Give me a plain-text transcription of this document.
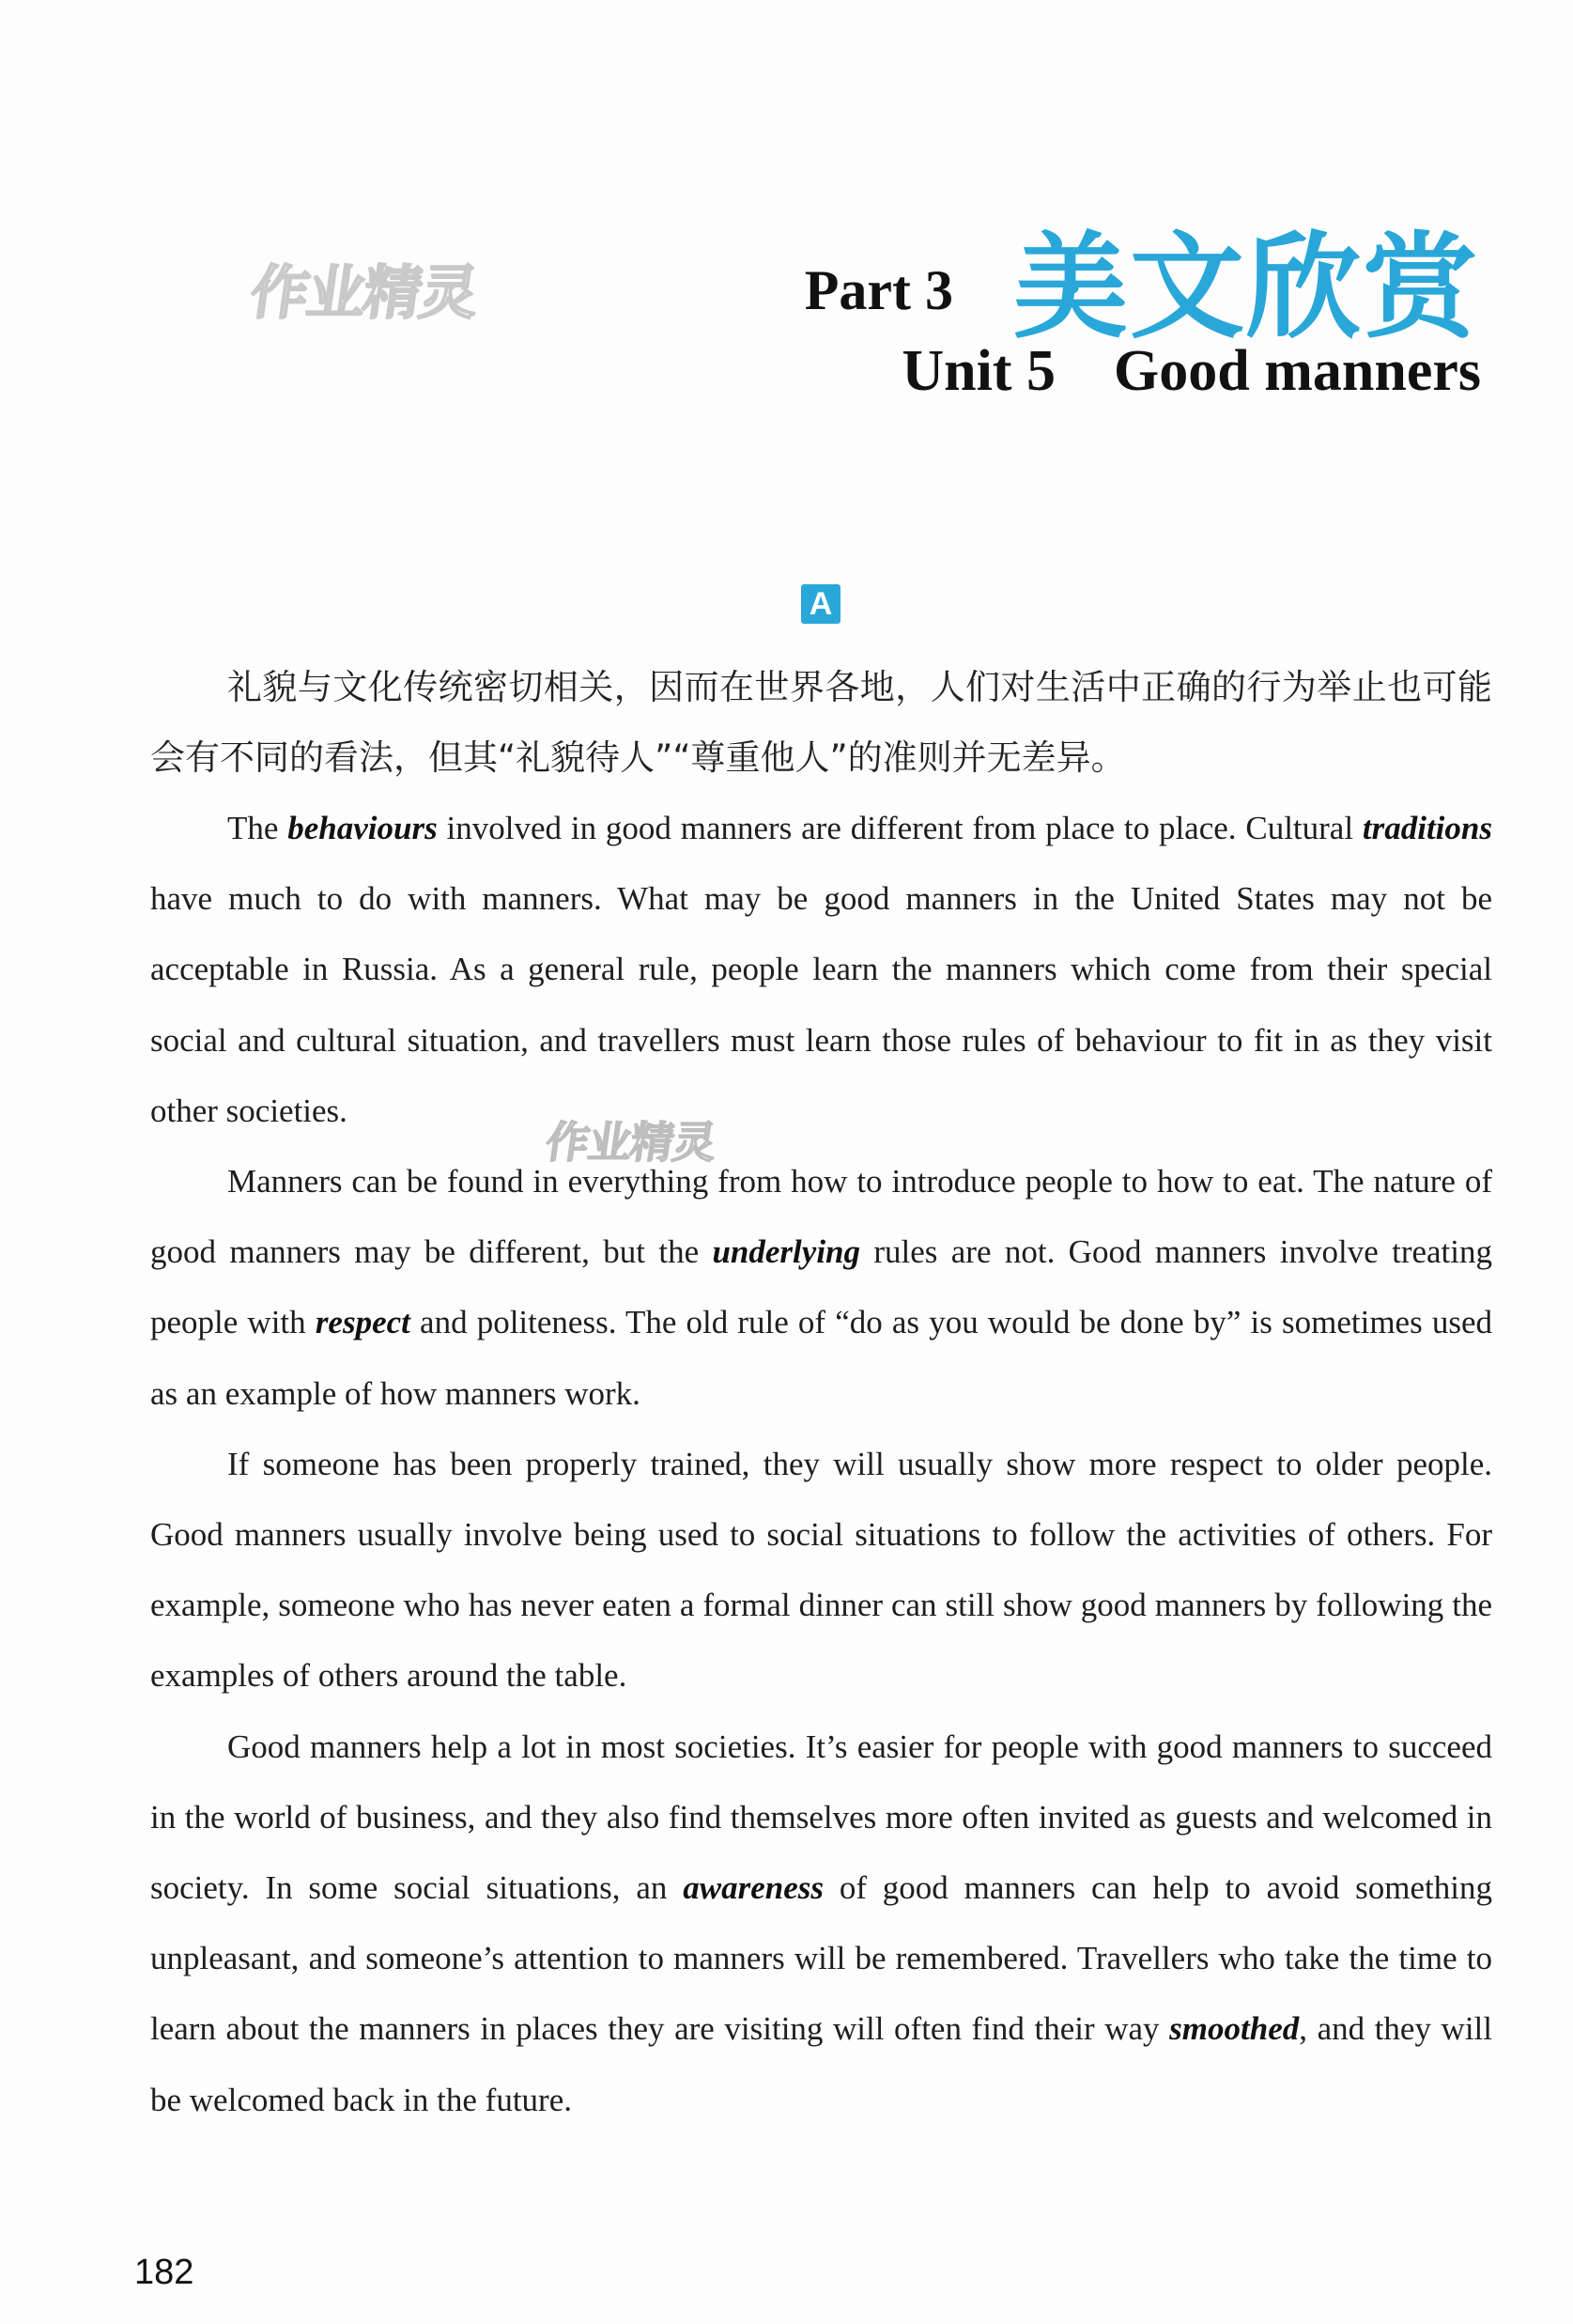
作业精灵	Part 3 美文欣赏
Unit 5    Good manners
A

礼貌与文化传统密切相关，因而在世界各地，人们对生活中正确的行为举止也可能会有不同的看法，但其“礼貌待人”“尊重他人”的准则并无差异。

The behaviours involved in good manners are different from place to place. Cultural traditions have much to do with manners. What may be good manners in the United States may not be acceptable in Russia. As a general rule, people learn the manners which come from their special social and cultural situation, and travellers must learn those rules of behaviour to fit in as they visit other societies.

Manners can be found in everything from how to introduce people to how to eat. The nature of good manners may be different, but the underlying rules are not. Good manners involve treating people with respect and politeness. The old rule of “do as you would be done by” is sometimes used as an example of how manners work.

If someone has been properly trained, they will usually show more respect to older people. Good manners usually involve being used to social situations to follow the activities of others. For example, someone who has never eaten a formal dinner can still show good manners by following the examples of others around the table.

Good manners help a lot in most societies. It’s easier for people with good manners to succeed in the world of business, and they also find themselves more often invited as guests and welcomed in society. In some social situations, an awareness of good manners can help to avoid something unpleasant, and someone’s attention to manners will be remembered. Travellers who take the time to learn about the manners in places they are visiting will often find their way smoothed, and they will be welcomed back in the future.

作业精灵
182
